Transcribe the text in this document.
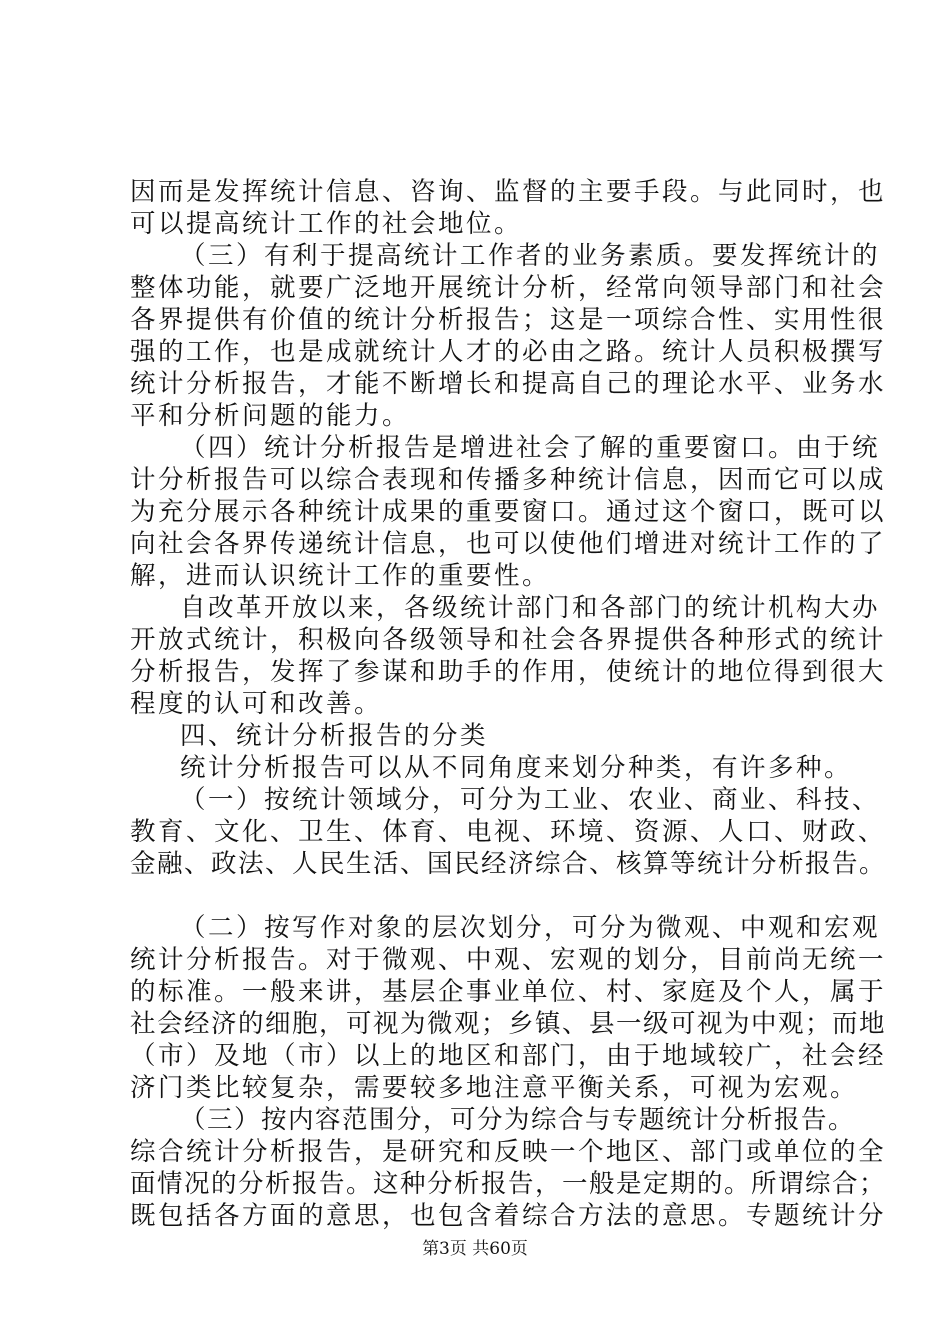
因而是发挥统计信息、咨询、监督的主要手段。与此同时，也
可以提高统计工作的社会地位。
（三）有利于提高统计工作者的业务素质。要发挥统计的
整体功能，就要广泛地开展统计分析，经常向领导部门和社会
各界提供有价值的统计分析报告；这是一项综合性、实用性很
强的工作，也是成就统计人才的必由之路。统计人员积极撰写
统计分析报告，才能不断增长和提高自己的理论水平、业务水
平和分析问题的能力。
（四）统计分析报告是增进社会了解的重要窗口。由于统
计分析报告可以综合表现和传播多种统计信息，因而它可以成
为充分展示各种统计成果的重要窗口。通过这个窗口，既可以
向社会各界传递统计信息，也可以使他们增进对统计工作的了
解，进而认识统计工作的重要性。
自改革开放以来，各级统计部门和各部门的统计机构大办
开放式统计，积极向各级领导和社会各界提供各种形式的统计
分析报告，发挥了参谋和助手的作用，使统计的地位得到很大
程度的认可和改善。
四、统计分析报告的分类
统计分析报告可以从不同角度来划分种类，有许多种。
（一）按统计领域分，可分为工业、农业、商业、科技、
教育、文化、卫生、体育、电视、环境、资源、人口、财政、
金融、政法、人民生活、国民经济综合、核算等统计分析报告。
（二）按写作对象的层次划分，可分为微观、中观和宏观
统计分析报告。对于微观、中观、宏观的划分，目前尚无统一
的标准。一般来讲，基层企事业单位、村、家庭及个人，属于
社会经济的细胞，可视为微观；乡镇、县一级可视为中观；而地
（市）及地（市）以上的地区和部门，由于地域较广，社会经
济门类比较复杂，需要较多地注意平衡关系，可视为宏观。
（三）按内容范围分，可分为综合与专题统计分析报告。
综合统计分析报告，是研究和反映一个地区、部门或单位的全
面情况的分析报告。这种分析报告，一般是定期的。所谓综合；
既包括各方面的意思，也包含着综合方法的意思。专题统计分
第3页 共60页
